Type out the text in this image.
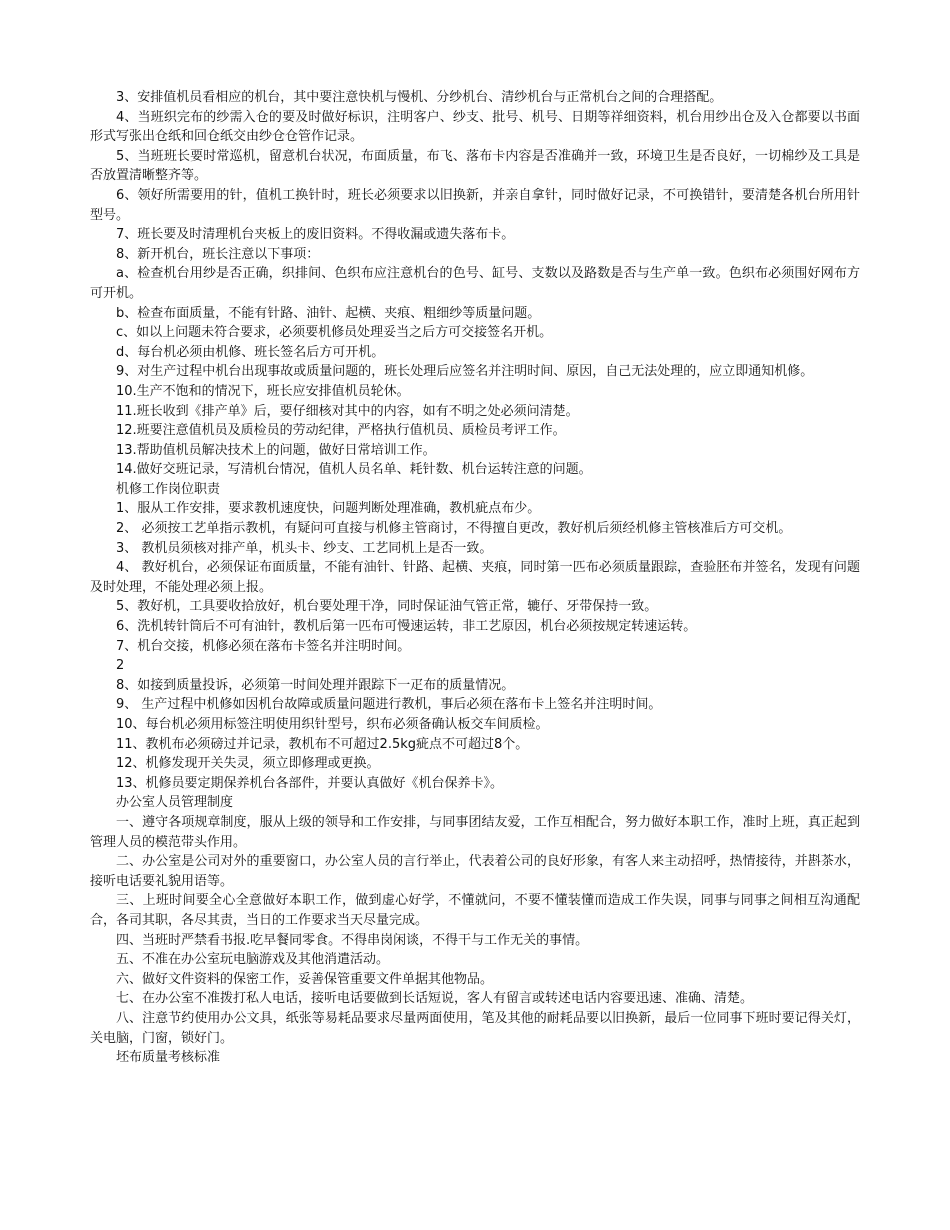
3、安排值机员看相应的机台，其中要注意快机与慢机、分纱机台、清纱机台与正常机台之间的合理搭配。

4、当班织完布的纱需入仓的要及时做好标识，注明客户、纱支、批号、机号、日期等祥细资料，机台用纱出仓及入仓都要以书面形式写张出仓纸和回仓纸交由纱仓仓管作记录。

5、当班班长要时常巡机，留意机台状况，布面质量，布飞、落布卡内容是否准确并一致，环境卫生是否良好，一切棉纱及工具是否放置清晰整齐等。

6、领好所需要用的针，值机工换针时，班长必须要求以旧换新，并亲自拿针，同时做好记录，不可换错针，要清楚各机台所用针型号。

7、班长要及时清理机台夹板上的废旧资料。不得收漏或遗失落布卡。

8、新开机台，班长注意以下事项：

a、检查机台用纱是否正确，织排间、色织布应注意机台的色号、缸号、支数以及路数是否与生产单一致。色织布必须围好网布方可开机。

b、检查布面质量，不能有针路、油针、起横、夹痕、粗细纱等质量问题。

c、如以上问题未符合要求，必须要机修员处理妥当之后方可交接签名开机。

d、每台机必须由机修、班长签名后方可开机。

9、对生产过程中机台出现事故或质量问题的，班长处理后应签名并注明时间、原因，自己无法处理的，应立即通知机修。

10.生产不饱和的情况下，班长应安排值机员轮休。

11.班长收到《排产单》后，要仔细核对其中的内容，如有不明之处必须问清楚。

12.班要注意值机员及质检员的劳动纪律，严格执行值机员、质检员考评工作。

13.帮助值机员解决技术上的问题，做好日常培训工作。

14.做好交班记录，写清机台情况，值机人员名单、耗针数、机台运转注意的问题。

机修工作岗位职责

1、服从工作安排，要求教机速度快，问题判断处理准确，教机疵点布少。

2、 必须按工艺单指示教机，有疑问可直接与机修主管商讨，不得擅自更改，教好机后须经机修主管核准后方可交机。

3、 教机员须核对排产单，机头卡、纱支、工艺同机上是否一致。

4、 教好机台，必须保证布面质量，不能有油针、针路、起横、夹痕，同时第一匹布必须质量跟踪，查验胚布并签名，发现有问题及时处理，不能处理必须上报。

5、教好机，工具要收拾放好，机台要处理干净，同时保证油气管正常，辘仔、牙带保持一致。

6、洗机转针筒后不可有油针，教机后第一匹布可慢速运转，非工艺原因，机台必须按规定转速运转。

7、机台交接，机修必须在落布卡签名并注明时间。

2

8、如接到质量投诉，必须第一时间处理并跟踪下一疋布的质量情况。

9、 生产过程中机修如因机台故障或质量问题进行教机，事后必须在落布卡上签名并注明时间。

10、每台机必须用标签注明使用织针型号，织布必须备确认板交车间质检。

11、教机布必须磅过并记录，教机布不可超过2.5kg疵点不可超过8个。

12、机修发现开关失灵，须立即修理或更换。

13、机修员要定期保养机台各部件，并要认真做好《机台保养卡》。

办公室人员管理制度

一、遵守各项规章制度，服从上级的领导和工作安排，与同事团结友爱，工作互相配合，努力做好本职工作，准时上班，真正起到管理人员的模范带头作用。

二、办公室是公司对外的重要窗口，办公室人员的言行举止，代表着公司的良好形象，有客人来主动招呼，热情接待，并斟茶水，接听电话要礼貌用语等。

三、上班时间要全心全意做好本职工作，做到虚心好学，不懂就问，不要不懂装懂而造成工作失误，同事与同事之间相互沟通配合，各司其职，各尽其责，当日的工作要求当天尽量完成。

四、当班时严禁看书报.吃早餐同零食。不得串岗闲谈，不得干与工作无关的事情。

五、不准在办公室玩电脑游戏及其他消遣活动。

六、做好文件资料的保密工作，妥善保管重要文件单据其他物品。

七、在办公室不准拨打私人电话，接听电话要做到长话短说，客人有留言或转述电话内容要迅速、准确、清楚。

八、注意节约使用办公文具，纸张等易耗品要求尽量两面使用，笔及其他的耐耗品要以旧换新，最后一位同事下班时要记得关灯，关电脑，门窗，锁好门。

坯布质量考核标准
